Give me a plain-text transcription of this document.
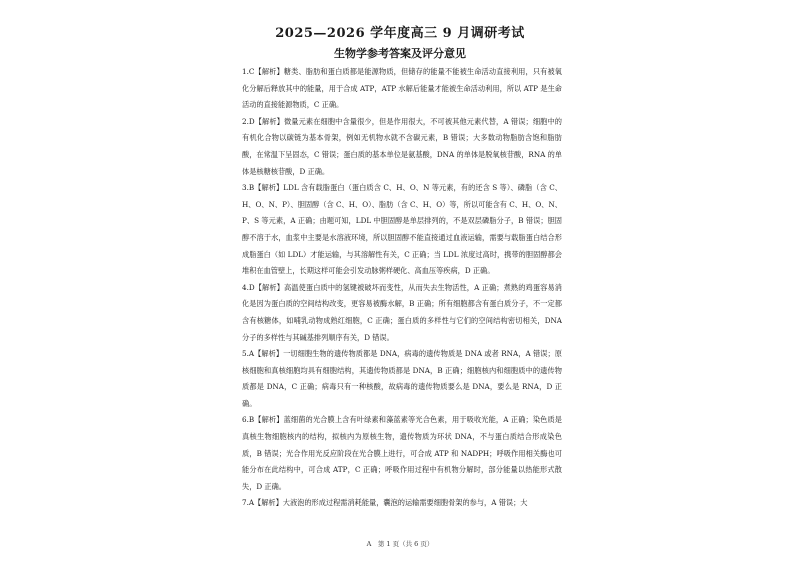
2025—2026 学年度高三 9 月调研考试
生物学参考答案及评分意见

1.C【解析】糖类、脂肪和蛋白质都是能源物质，但储存的能量不能被生命活动直接利用，只有被氧化分解后释放其中的能量，用于合成 ATP，ATP 水解后能量才能被生命活动利用，所以 ATP 是生命活动的直接能源物质，C 正确。

2.D【解析】微量元素在细胞中含量很少，但是作用很大，不可被其他元素代替，A 错误；细胞中的有机化合物以碳链为基本骨架，例如无机物水就不含碳元素，B 错误；大多数动物脂肪含饱和脂肪酸，在常温下呈固态，C 错误；蛋白质的基本单位是氨基酸，DNA 的单体是脱氧核苷酸，RNA 的单体是核糖核苷酸，D 正确。

3.B【解析】LDL 含有载脂蛋白（蛋白质含 C、H、O、N 等元素，有的还含 S 等）、磷脂（含 C、H、O、N、P）、胆固醇（含 C、H、O）、脂肪（含 C、H、O）等，所以可能含有 C、H、O、N、P、S 等元素，A 正确；由题可知，LDL 中胆固醇是单层排列的，不是双层磷脂分子，B 错误；胆固醇不溶于水，血浆中主要是水溶液环境，所以胆固醇不能直接通过血液运输，需要与载脂蛋白结合形成脂蛋白（如 LDL）才能运输，与其溶解性有关，C 正确；当 LDL 浓度过高时，携带的胆固醇都会堆积在血管壁上，长期这样可能会引发动脉粥样硬化、高血压等疾病，D 正确。

4.D【解析】高温使蛋白质中的氢键被破坏而变性，从而失去生物活性，A 正确；煮熟的鸡蛋容易消化是因为蛋白质的空间结构改变，更容易被酶水解，B 正确；所有细胞都含有蛋白质分子，不一定都含有核糖体，如哺乳动物成熟红细胞，C 正确；蛋白质的多样性与它们的空间结构密切相关，DNA 分子的多样性与其碱基排列顺序有关，D 错误。

5.A【解析】一切细胞生物的遗传物质都是 DNA，病毒的遗传物质是 DNA 或者 RNA，A 错误；原核细胞和真核细胞均具有细胞结构，其遗传物质都是 DNA，B 正确；细胞核内和细胞质中的遗传物质都是 DNA，C 正确；病毒只有一种核酸，故病毒的遗传物质要么是 DNA，要么是 RNA，D 正确。

6.B【解析】蓝细菌的光合膜上含有叶绿素和藻蓝素等光合色素，用于吸收光能，A 正确；染色质是真核生物细胞核内的结构，拟核内为原核生物，遗传物质为环状 DNA，不与蛋白质结合形成染色质，B 错误；光合作用光反应阶段在光合膜上进行，可合成 ATP 和 NADPH；呼吸作用相关酶也可能分布在此结构中，可合成 ATP，C 正确；呼吸作用过程中有机物分解时，部分能量以热能形式散失，D 正确。

7.A【解析】大液泡的形成过程需消耗能量，囊泡的运输需要细胞骨架的参与，A 错误；大

A　第 1 页（共 6 页）
